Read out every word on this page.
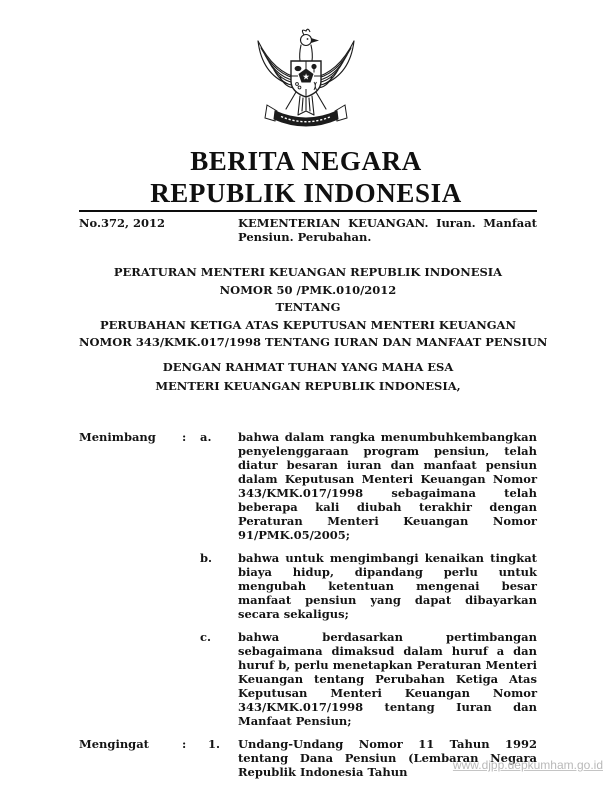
★
BERITA NEGARA
REPUBLIK INDONESIA
No.372, 2012	KEMENTERIAN KEUANGAN. Iuran. Manfaat Pensiun. Perubahan.
PERATURAN MENTERI KEUANGAN REPUBLIK INDONESIA
NOMOR 50 /PMK.010/2012
TENTANG
PERUBAHAN KETIGA ATAS KEPUTUSAN MENTERI KEUANGAN
NOMOR 343/KMK.017/1998 TENTANG IURAN DAN MANFAAT PENSIUN
DENGAN RAHMAT TUHAN YANG MAHA ESA
MENTERI KEUANGAN REPUBLIK INDONESIA,
Menimbang	:	a.	bahwa dalam rangka menumbuhkembangkan penyelenggaraan program pensiun, telah diatur besaran iuran dan manfaat pensiun dalam Keputusan Menteri Keuangan Nomor 343/KMK.017/1998 sebagaimana telah beberapa kali diubah terakhir dengan Peraturan Menteri Keuangan Nomor 91/PMK.05/2005;
b.	bahwa untuk mengimbangi kenaikan tingkat biaya hidup, dipandang perlu untuk mengubah ketentuan mengenai besar manfaat pensiun yang dapat dibayarkan secara sekaligus;
c.	bahwa berdasarkan pertimbangan sebagaimana dimaksud dalam huruf a dan huruf b, perlu menetapkan Peraturan Menteri Keuangan tentang Perubahan Ketiga Atas Keputusan Menteri Keuangan Nomor 343/KMK.017/1998 tentang Iuran dan Manfaat Pensiun;
Mengingat	:	1.	Undang-Undang Nomor 11 Tahun 1992 tentang Dana Pensiun (Lembaran Negara Republik Indonesia Tahun	www.djpp.depkumham.go.id
